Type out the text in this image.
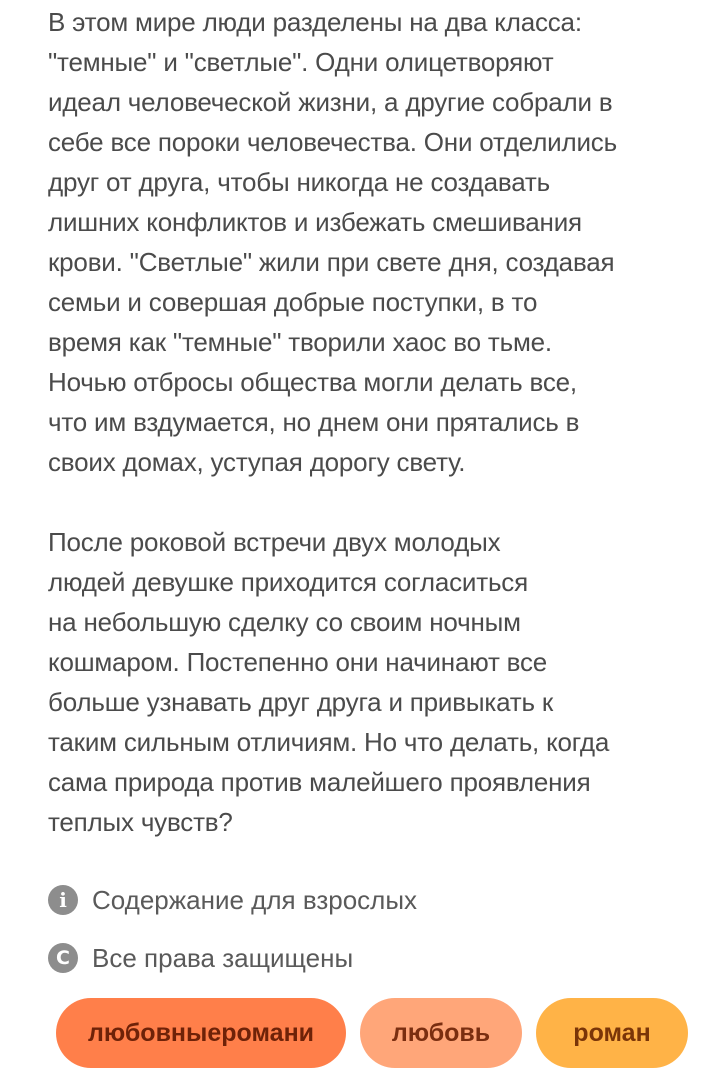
В этом мире люди разделены на два класса:
"темные" и "светлые". Одни олицетворяют
идеал человеческой жизни, а другие собрали в
себе все пороки человечества. Они отделились
друг от друга, чтобы никогда не создавать
лишних конфликтов и избежать смешивания
крови. "Светлые" жили при свете дня, создавая
семьи и совершая добрые поступки, в то
время как "темные" творили хаос во тьме.
Ночью отбросы общества могли делать все,
что им вздумается, но днем они прятались в
своих домах, уступая дорогу свету.

После роковой встречи двух молодых
людей девушке приходится согласиться
на небольшую сделку со своим ночным
кошмаром. Постепенно они начинают все
больше узнавать друг друга и привыкать к
таким сильным отличиям. Но что делать, когда
сама природа против малейшего проявления
теплых чувств?

i Содержание для взрослых
C Все права защищены
любовныеромани	любовь	роман
